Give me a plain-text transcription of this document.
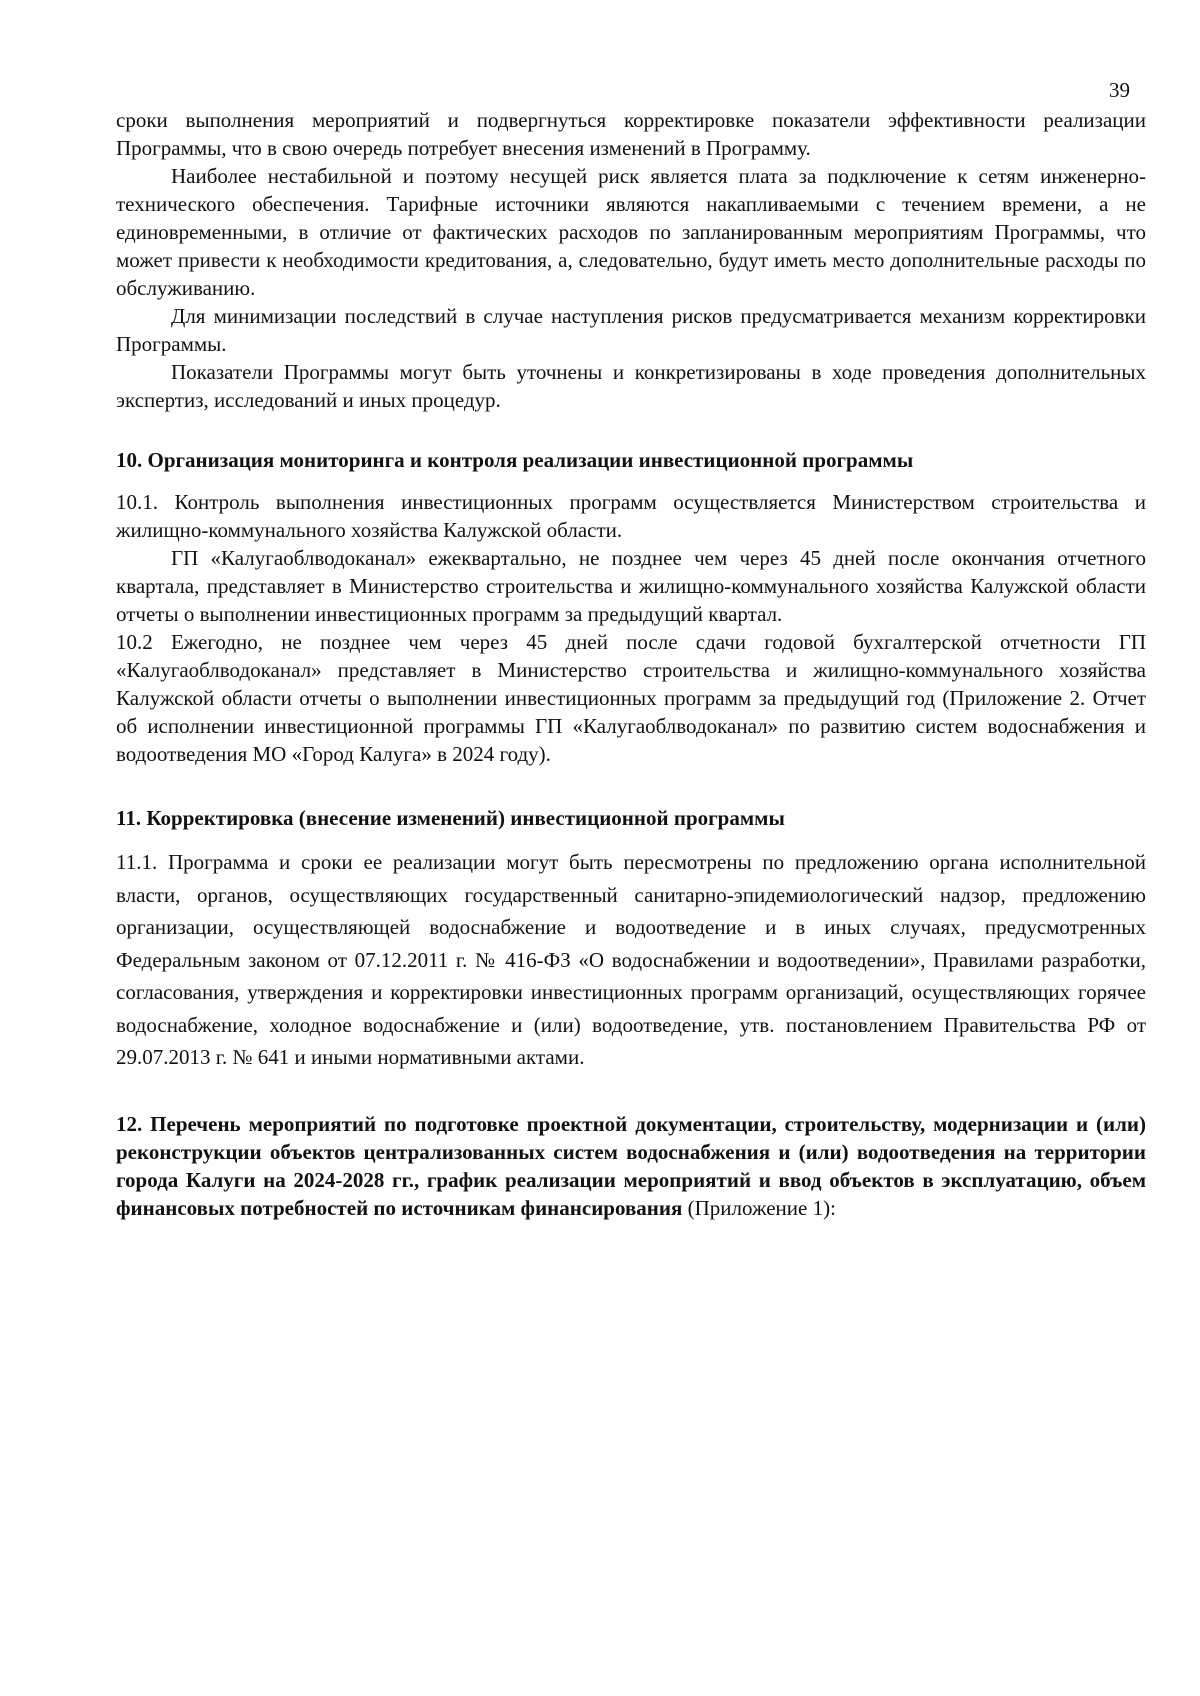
39

сроки выполнения мероприятий и подвергнуться корректировке показатели эффективности реализации Программы, что в свою очередь потребует внесения изменений в Программу.

Наиболее нестабильной и поэтому несущей риск является плата за подключение к сетям инженерно-технического обеспечения. Тарифные источники являются накапливаемыми с течением времени, а не единовременными, в отличие от фактических расходов по запланированным мероприятиям Программы, что может привести к необходимости кредитования, а, следовательно, будут иметь место дополнительные расходы по обслуживанию.

Для минимизации последствий в случае наступления рисков предусматривается механизм корректировки Программы.

Показатели Программы могут быть уточнены и конкретизированы в ходе проведения дополнительных экспертиз, исследований и иных процедур.

10. Организация мониторинга и контроля реализации инвестиционной программы

10.1. Контроль выполнения инвестиционных программ осуществляется Министерством строительства и жилищно-коммунального хозяйства Калужской области.

ГП «Калугаоблводоканал» ежеквартально, не позднее чем через 45 дней после окончания отчетного квартала, представляет в Министерство строительства и жилищно-коммунального хозяйства Калужской области отчеты о выполнении инвестиционных программ за предыдущий квартал.

10.2 Ежегодно, не позднее чем через 45 дней после сдачи годовой бухгалтерской отчетности ГП «Калугаоблводоканал» представляет в Министерство строительства и жилищно-коммунального хозяйства Калужской области отчеты о выполнении инвестиционных программ за предыдущий год (Приложение 2. Отчет об исполнении инвестиционной программы ГП «Калугаоблводоканал» по развитию систем водоснабжения и водоотведения МО «Город Калуга» в 2024 году).

11. Корректировка (внесение изменений) инвестиционной программы

11.1. Программа и сроки ее реализации могут быть пересмотрены по предложению органа исполнительной власти, органов, осуществляющих государственный санитарно-эпидемиологический надзор, предложению организации, осуществляющей водоснабжение и водоотведение и в иных случаях, предусмотренных Федеральным законом от 07.12.2011 г. № 416-ФЗ «О водоснабжении и водоотведении», Правилами разработки, согласования, утверждения и корректировки инвестиционных программ организаций, осуществляющих горячее водоснабжение, холодное водоснабжение и (или) водоотведение, утв. постановлением Правительства РФ от 29.07.2013 г. № 641 и иными нормативными актами.

12. Перечень мероприятий по подготовке проектной документации, строительству, модернизации и (или) реконструкции объектов централизованных систем водоснабжения и (или) водоотведения на территории города Калуги на 2024-2028 гг., график реализации мероприятий и ввод объектов в эксплуатацию, объем финансовых потребностей по источникам финансирования (Приложение 1):
